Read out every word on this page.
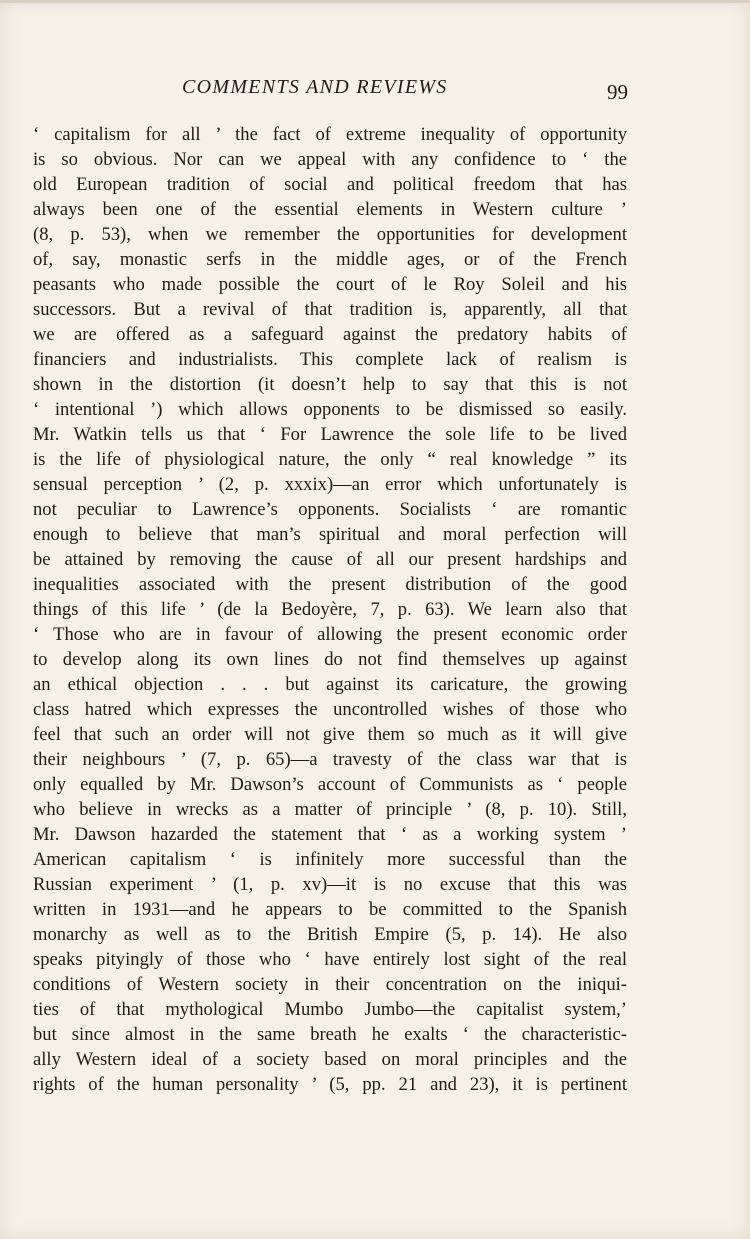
COMMENTS AND REVIEWS	99
‘ capitalism for all ’ the fact of extreme inequality of opportunity
is so obvious. Nor can we appeal with any confidence to ‘ the
old European tradition of social and political freedom that has
always been one of the essential elements in Western culture ’
(8, p. 53), when we remember the opportunities for development
of, say, monastic serfs in the middle ages, or of the French
peasants who made possible the court of le Roy Soleil and his
successors. But a revival of that tradition is, apparently, all that
we are offered as a safeguard against the predatory habits of
financiers and industrialists. This complete lack of realism is
shown in the distortion (it doesn’t help to say that this is not
‘ intentional ’) which allows opponents to be dismissed so easily.
Mr. Watkin tells us that ‘ For Lawrence the sole life to be lived
is the life of physiological nature, the only “ real knowledge ” its
sensual perception ’ (2, p. xxxix)—an error which unfortunately is
not peculiar to Lawrence’s opponents. Socialists ‘ are romantic
enough to believe that man’s spiritual and moral perfection will
be attained by removing the cause of all our present hardships and
inequalities associated with the present distribution of the good
things of this life ’ (de la Bedoyère, 7, p. 63). We learn also that
‘ Those who are in favour of allowing the present economic order
to develop along its own lines do not find themselves up against
an ethical objection . . . but against its caricature, the growing
class hatred which expresses the uncontrolled wishes of those who
feel that such an order will not give them so much as it will give
their neighbours ’ (7, p. 65)—a travesty of the class war that is
only equalled by Mr. Dawson’s account of Communists as ‘ people
who believe in wrecks as a matter of principle ’ (8, p. 10). Still,
Mr. Dawson hazarded the statement that ‘ as a working system ’
American capitalism ‘ is infinitely more successful than the
Russian experiment ’ (1, p. xv)—it is no excuse that this was
written in 1931—and he appears to be committed to the Spanish
monarchy as well as to the British Empire (5, p. 14). He also
speaks pityingly of those who ‘ have entirely lost sight of the real
conditions of Western society in their concentration on the iniqui-
ties of that mythological Mumbo Jumbo—the capitalist system,’
but since almost in the same breath he exalts ‘ the characteristic-
ally Western ideal of a society based on moral principles and the
rights of the human personality ’ (5, pp. 21 and 23), it is pertinent
